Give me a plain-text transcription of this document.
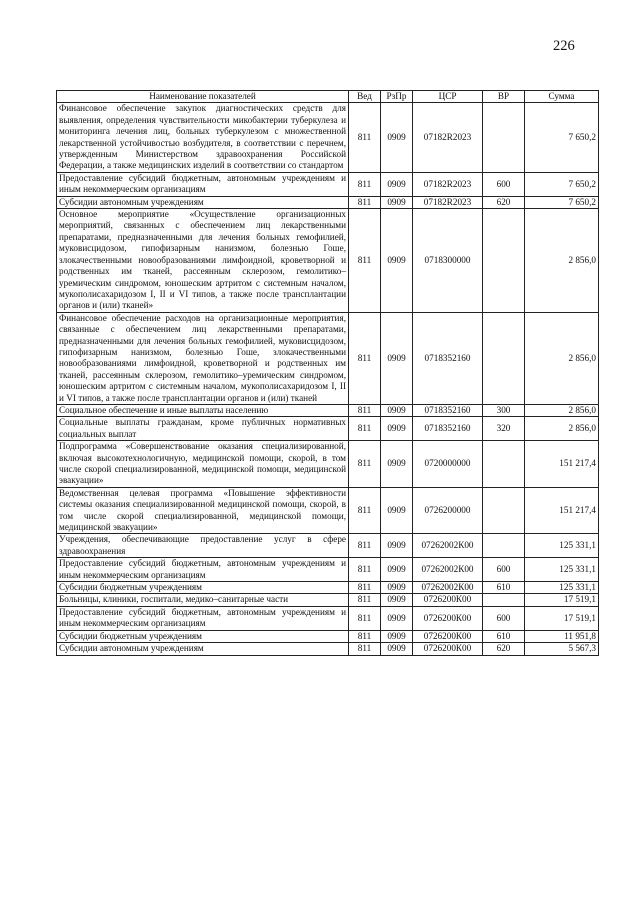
226
Наименование показателей	Вед	РзПр	ЦСР	ВР	Сумма
Финансовое обеспечение закупок диагностических средств для выявления, определения чувствительности микобактерии туберкулеза и мониторинга лечения лиц, больных туберкулезом с множественной лекарственной устойчивостью возбудителя, в соответствии с перечнем, утвержденным Министерством здравоохранения Российской Федерации, а также медицинских изделий в соответствии со стандартом	811	0909	07182R2023		7 650,2
Предоставление субсидий бюджетным, автономным учреждениям и иным некоммерческим организациям	811	0909	07182R2023	600	7 650,2
Субсидии автономным учреждениям	811	0909	07182R2023	620	7 650,2
Основное мероприятие «Осуществление организационных мероприятий, связанных с обеспечением лиц лекарственными препаратами, предназначенными для лечения больных гемофилией, муковисцидозом, гипофизарным нанизмом, болезнью Гоше, злокачественными новообразованиями лимфоидной, кроветворной и родственных им тканей, рассеянным склерозом, гемолитико–уремическим синдромом, юношеским артритом с системным началом, мукополисахаридозом I, II и VI типов, а также после трансплантации органов и (или) тканей»	811	0909	0718300000		2 856,0
Финансовое обеспечение расходов на организационные мероприятия, связанные с обеспечением лиц лекарственными препаратами, предназначенными для лечения больных гемофилией, муковисцидозом, гипофизарным нанизмом, болезнью Гоше, злокачественными новообразованиями лимфоидной, кроветворной и родственных им тканей, рассеянным склерозом, гемолитико–уремическим синдромом, юношеским артритом с системным началом, мукополисахаридозом I, II и VI типов, а также после трансплантации органов и (или) тканей	811	0909	0718352160		2 856,0
Социальное обеспечение и иные выплаты населению	811	0909	0718352160	300	2 856,0
Социальные выплаты гражданам, кроме публичных нормативных социальных выплат	811	0909	0718352160	320	2 856,0
Подпрограмма «Совершенствование оказания специализированной, включая высокотехнологичную, медицинской помощи, скорой, в том числе скорой специализированной, медицинской помощи, медицинской эвакуации»	811	0909	0720000000		151 217,4
Ведомственная целевая программа «Повышение эффективности системы оказания специализированной медицинской помощи, скорой, в том числе скорой специализированной, медицинской помощи, медицинской эвакуации»	811	0909	0726200000		151 217,4
Учреждения, обеспечивающие предоставление услуг в сфере здравоохранения	811	0909	07262002К00		125 331,1
Предоставление субсидий бюджетным, автономным учреждениям и иным некоммерческим организациям	811	0909	07262002К00	600	125 331,1
Субсидии бюджетным учреждениям	811	0909	07262002К00	610	125 331,1
Больницы, клиники, госпитали, медико–санитарные части	811	0909	0726200К00		17 519,1
Предоставление субсидий бюджетным, автономным учреждениям и иным некоммерческим организациям	811	0909	0726200К00	600	17 519,1
Субсидии бюджетным учреждениям	811	0909	0726200К00	610	11 951,8
Субсидии автономным учреждениям	811	0909	0726200К00	620	5 567,3
